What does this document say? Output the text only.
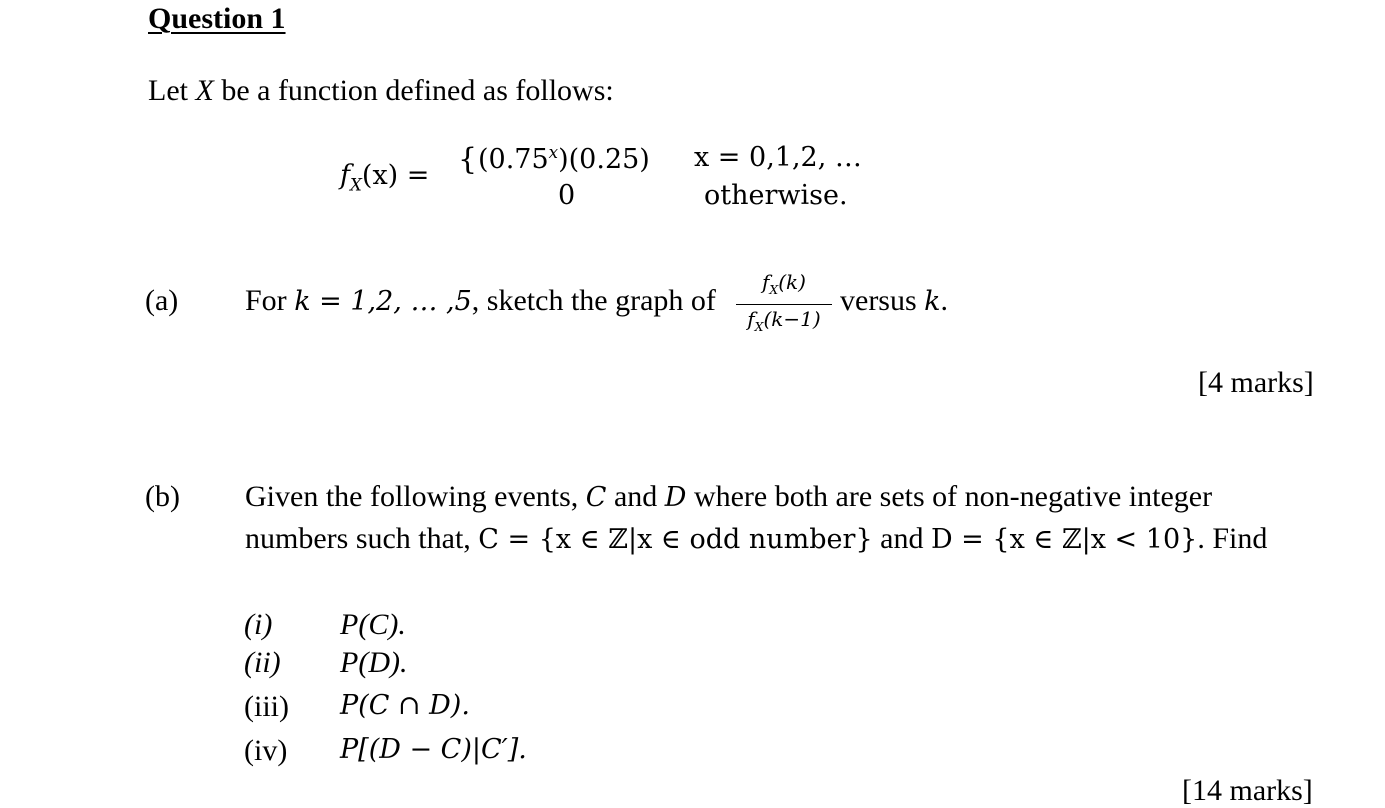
Question 1
Let X be a function defined as follows:
$f_X(x)$ = { (0.75$^x$)(0.25) x = 0,1,2, …
0	otherwise.
(a) For k = 1,2, … ,5, sketch the graph of
$f_X(k)$
$f_X(k-1)$
versus k.
[4 marks]
(b) Given the following events, C and D where both are sets of non-negative integer
numbers such that, C = {x ∈ ℤ|x ∈ odd number} and D = {x ∈ ℤ|x < 10}. Find
(i) P(C).
(ii) P(D).
(iii) P(C ∩ D).
(iv) P[(D − C)|C′].
[14 marks]
